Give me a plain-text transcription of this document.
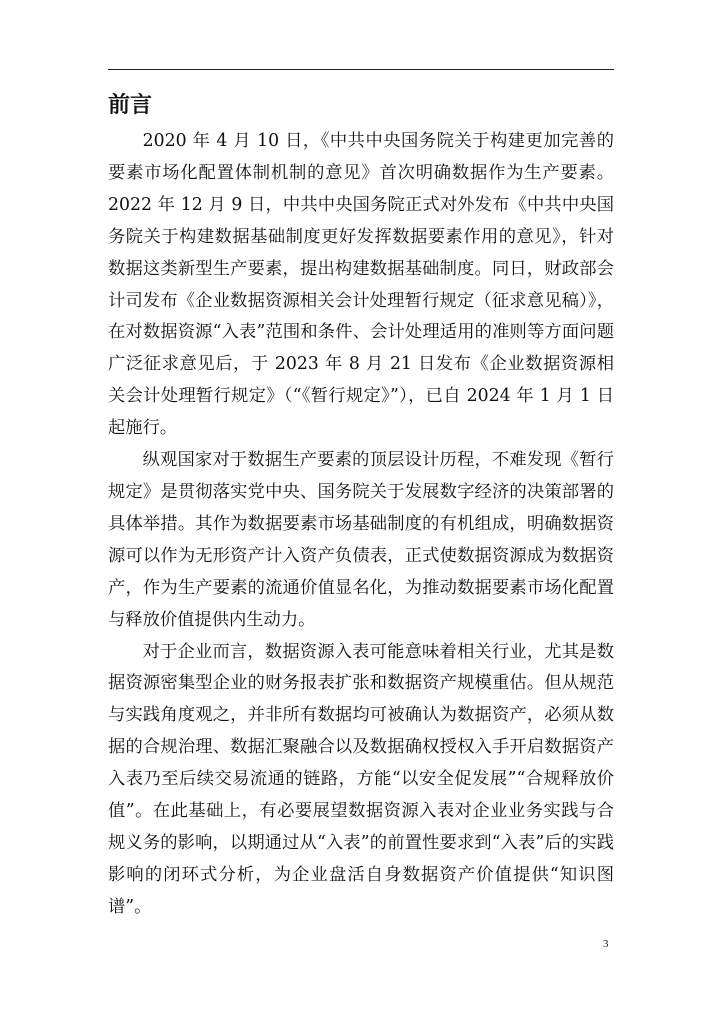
前言

2020 年 4 月 10 日，《中共中央国务院关于构建更加完善的要素市场化配置体制机制的意见》首次明确数据作为生产要素。2022 年 12 月 9 日，中共中央国务院正式对外发布《中共中央国务院关于构建数据基础制度更好发挥数据要素作用的意见》，针对数据这类新型生产要素，提出构建数据基础制度。同日，财政部会计司发布《企业数据资源相关会计处理暂行规定（征求意见稿）》，在对数据资源“入表”范围和条件、会计处理适用的准则等方面问题广泛征求意见后，于 2023 年 8 月 21 日发布《企业数据资源相关会计处理暂行规定》（“《暂行规定》”），已自 2024 年 1 月 1 日起施行。

纵观国家对于数据生产要素的顶层设计历程，不难发现《暂行规定》是贯彻落实党中央、国务院关于发展数字经济的决策部署的具体举措。其作为数据要素市场基础制度的有机组成，明确数据资源可以作为无形资产计入资产负债表，正式使数据资源成为数据资产，作为生产要素的流通价值显名化，为推动数据要素市场化配置与释放价值提供内生动力。

对于企业而言，数据资源入表可能意味着相关行业，尤其是数据资源密集型企业的财务报表扩张和数据资产规模重估。但从规范与实践角度观之，并非所有数据均可被确认为数据资产，必须从数据的合规治理、数据汇聚融合以及数据确权授权入手开启数据资产入表乃至后续交易流通的链路，方能“以安全促发展”“合规释放价值”。在此基础上，有必要展望数据资源入表对企业业务实践与合规义务的影响，以期通过从“入表”的前置性要求到“入表”后的实践影响的闭环式分析，为企业盘活自身数据资产价值提供“知识图谱”。

3
